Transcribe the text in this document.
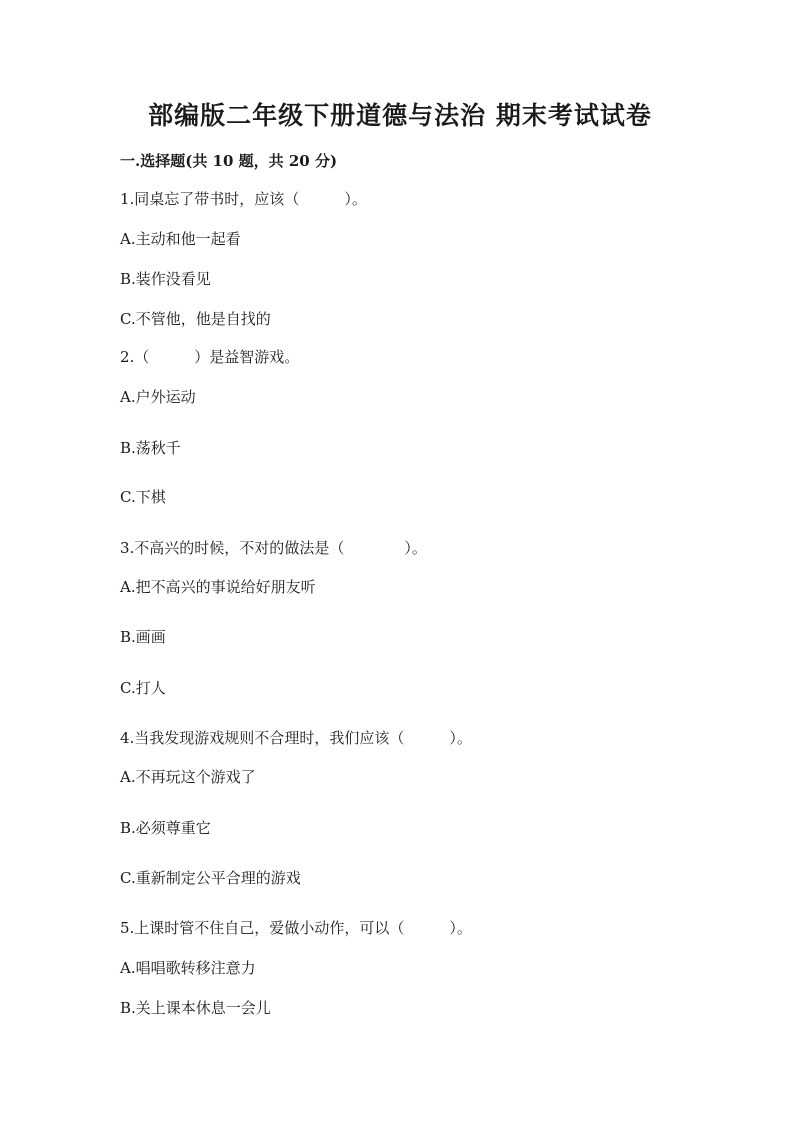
部编版二年级下册道德与法治 期末考试试卷
一.选择题(共 10 题，共 20 分)
1.同桌忘了带书时，应该（　　　）。
A.主动和他一起看
B.装作没看见
C.不管他，他是自找的
2.（　　　）是益智游戏。
A.户外运动
B.荡秋千
C.下棋
3.不高兴的时候，不对的做法是（　　　　）。
A.把不高兴的事说给好朋友听
B.画画
C.打人
4.当我发现游戏规则不合理时，我们应该（　　　）。
A.不再玩这个游戏了
B.必须尊重它
C.重新制定公平合理的游戏
5.上课时管不住自己，爱做小动作，可以（　　　）。
A.唱唱歌转移注意力
B.关上课本休息一会儿
